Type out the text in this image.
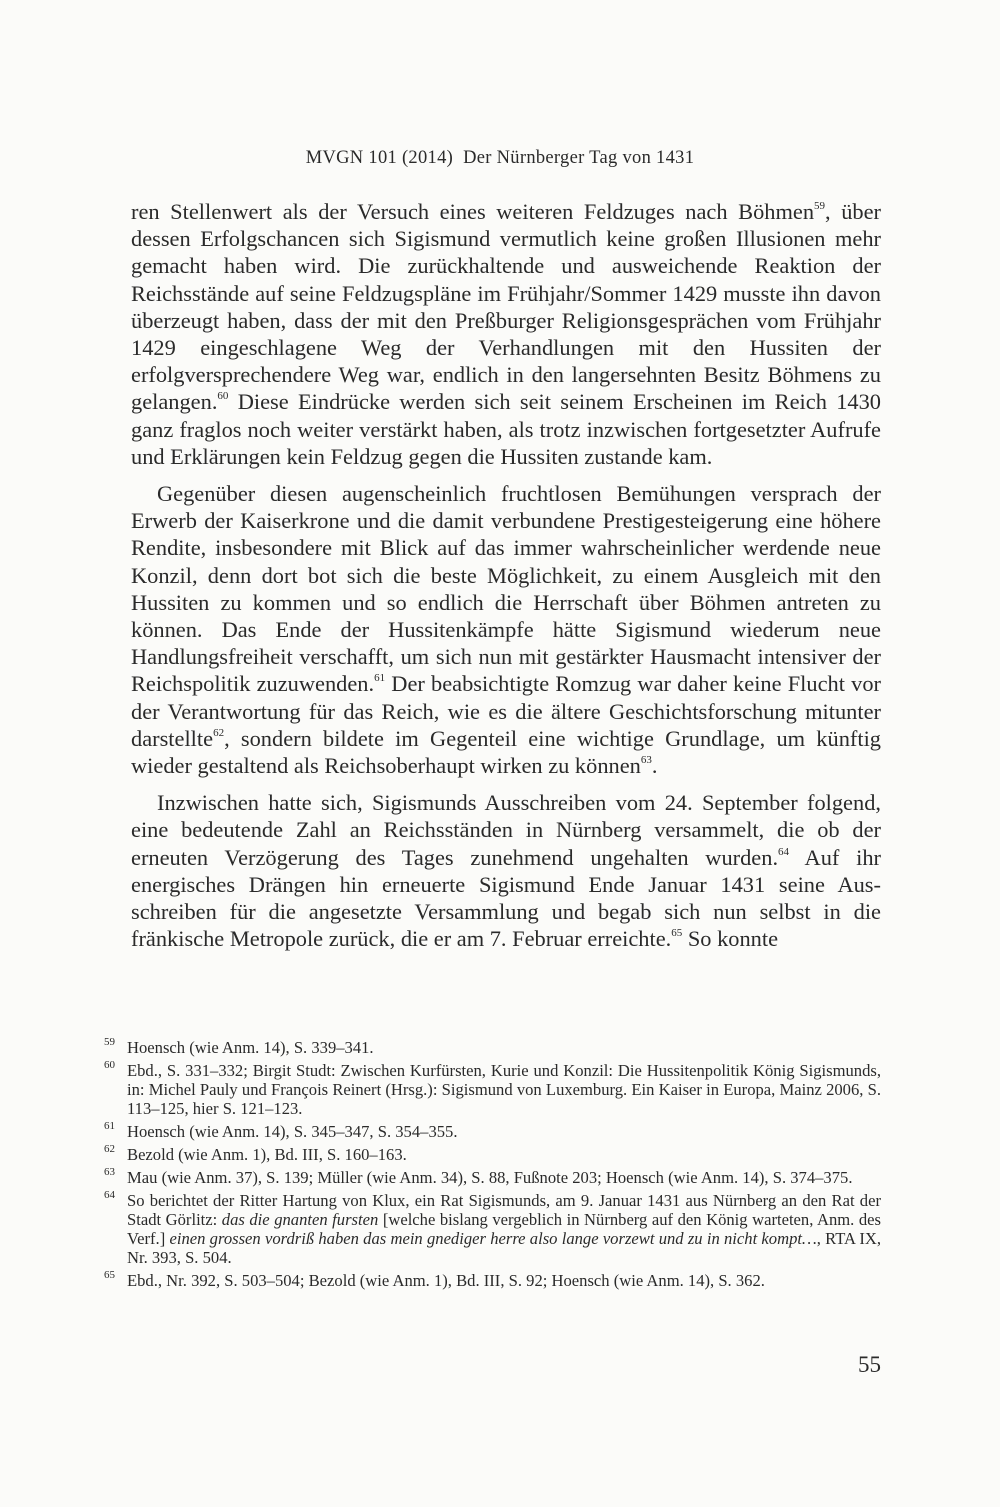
MVGN 101 (2014) Der Nürnberger Tag von 1431

ren Stellenwert als der Versuch eines weiteren Feldzuges nach Böhmen$^{59}$, über dessen Erfolgschancen sich Sigismund vermutlich keine großen Illusionen mehr gemacht haben wird. Die zurückhaltende und ausweichende Reaktion der Reichsstände auf seine Feldzugspläne im Frühjahr/Sommer 1429 musste ihn davon überzeugt haben, dass der mit den Preßburger Religionsgesprächen vom Frühjahr 1429 eingeschlagene Weg der Verhandlungen mit den Hussiten der erfolgversprechendere Weg war, endlich in den langersehnten Besitz Böhmens zu gelangen.$^{60}$ Diese Eindrücke werden sich seit seinem Erscheinen im Reich 1430 ganz fraglos noch weiter verstärkt haben, als trotz inzwischen fortgesetzter Aufrufe und Erklärungen kein Feldzug gegen die Hussiten zustande kam.

Gegenüber diesen augenscheinlich fruchtlosen Bemühungen versprach der Erwerb der Kaiserkrone und die damit verbundene Prestigesteigerung eine höhere Rendite, insbesondere mit Blick auf das immer wahrscheinlicher werdende neue Konzil, denn dort bot sich die beste Möglichkeit, zu einem Ausgleich mit den Hussiten zu kommen und so endlich die Herrschaft über Böhmen antreten zu können. Das Ende der Hussitenkämpfe hätte Sigismund wiederum neue Handlungsfreiheit verschafft, um sich nun mit gestärkter Hausmacht intensiver der Reichspolitik zuzuwenden.$^{61}$ Der beabsichtigte Romzug war daher keine Flucht vor der Verantwortung für das Reich, wie es die ältere Geschichtsforschung mitunter darstellte$^{62}$, sondern bildete im Gegenteil eine wichtige Grundlage, um künftig wieder gestaltend als Reichsoberhaupt wirken zu können$^{63}$.

Inzwischen hatte sich, Sigismunds Ausschreiben vom 24. September folgend, eine bedeutende Zahl an Reichsständen in Nürnberg versammelt, die ob der erneuten Verzögerung des Tages zunehmend ungehalten wurden.$^{64}$ Auf ihr energisches Drängen hin erneuerte Sigismund Ende Januar 1431 seine Ausschreiben für die angesetzte Versammlung und begab sich nun selbst in die fränkische Metropole zurück, die er am 7. Februar erreichte.$^{65}$ So konnte

59 Hoensch (wie Anm. 14), S. 339–341.
60 Ebd., S. 331–332; Birgit Studt: Zwischen Kurfürsten, Kurie und Konzil: Die Hussitenpolitik König Sigismunds, in: Michel Pauly und François Reinert (Hrsg.): Sigismund von Luxemburg. Ein Kaiser in Europa, Mainz 2006, S. 113–125, hier S. 121–123.
61 Hoensch (wie Anm. 14), S. 345–347, S. 354–355.
62 Bezold (wie Anm. 1), Bd. III, S. 160–163.
63 Mau (wie Anm. 37), S. 139; Müller (wie Anm. 34), S. 88, Fußnote 203; Hoensch (wie Anm. 14), S. 374–375.
64 So berichtet der Ritter Hartung von Klux, ein Rat Sigismunds, am 9. Januar 1431 aus Nürnberg an den Rat der Stadt Görlitz: das die gnanten fursten [welche bislang vergeblich in Nürnberg auf den König warteten, Anm. des Verf.] einen grossen vordriß haben das mein gnediger herre also lange vorzewt und zu in nicht kompt…, RTA IX, Nr. 393, S. 504.
65 Ebd., Nr. 392, S. 503–504; Bezold (wie Anm. 1), Bd. III, S. 92; Hoensch (wie Anm. 14), S. 362.
55
